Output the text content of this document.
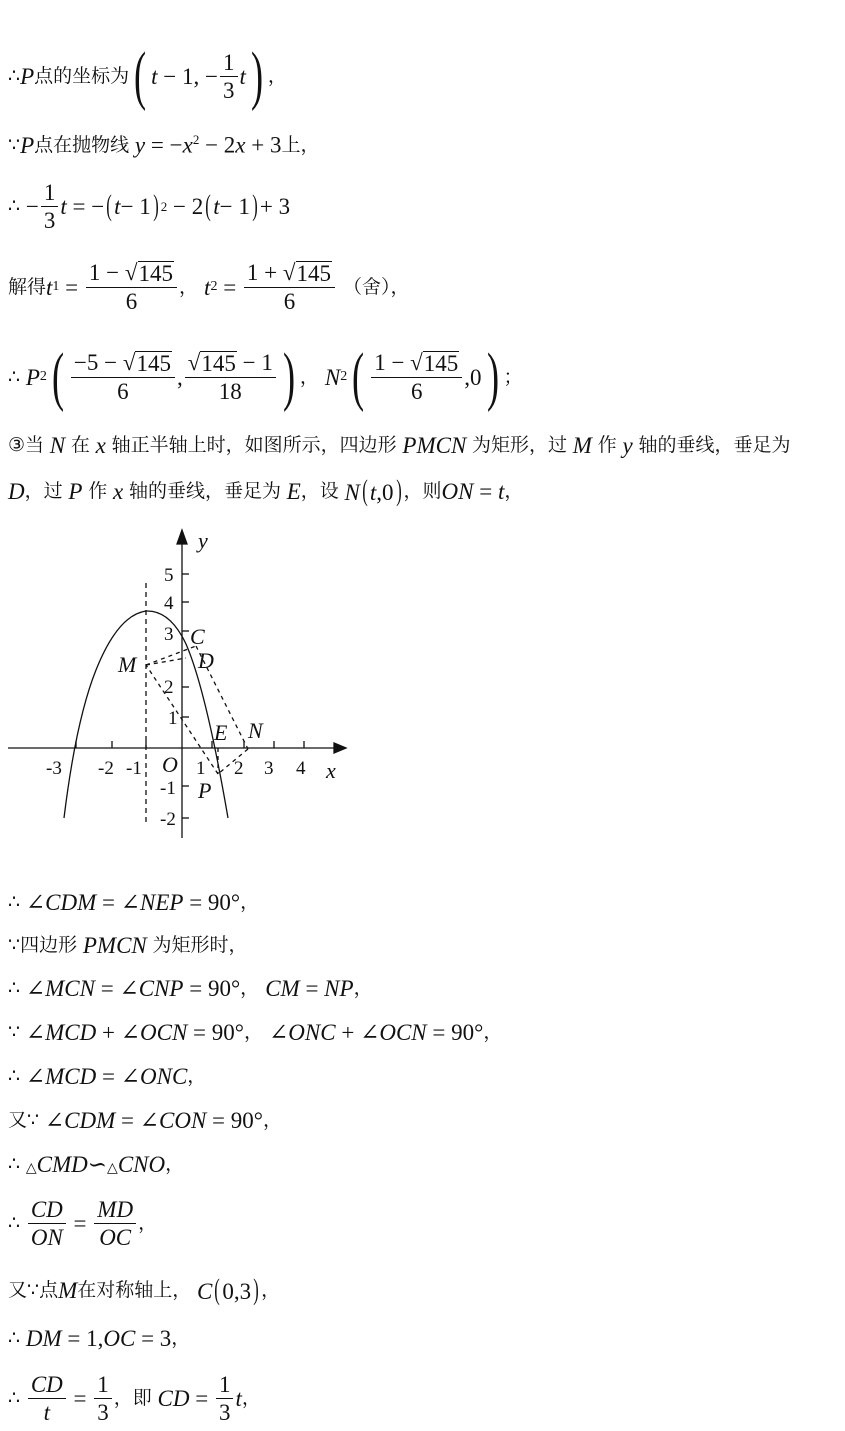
∴ P 点的坐标为 ( t − 1, − $\frac{1}{3}$ t ) ，
∵ P 点在抛物线 $y = -x^2 - 2x + 3$ 上，
∴ − $\frac{1}{3}$ t = − ( t − 1 ) 2 − 2 ( t − 1 ) + 3
解得 t $1 = \frac{1 - √ 145}{6}$ ， t $2 = \frac{1 + √ 145}{6}$ （舍），
∴ P 2 ( $\frac{-5 - √ 145}{6}$ , $\frac{√ 145 - 1}{18}$ ) ， N 2 ( $\frac{1 - √ 145}{6} ,0$ ) ；
③当 N 在 x 轴正半轴上时，如图所示，四边形 PMCN 为矩形，过 M 作 y 轴的垂线，垂足为
D ，过 P 作 x 轴的垂线，垂足为 E ，设 N(t,0) ，则 ON = t ，
-3 -2 -1	1 2 3 4
5
4
3
2
1
-1
-2
y
x
O
C
D
M
E N
P
∴ ∠CDM = ∠NEP = 90° ，
∵ 四边形 PMCN 为矩形时，
∴ ∠MCN = ∠CNP = 90° ， CM = NP ，
∵ ∠MCD + ∠OCN = 90° ， ∠ONC + ∠OCN = 90° ，
∴ ∠MCD = ∠ONC ，
又∵ ∠CDM = ∠CON = 90° ，
∴ △CMD∽△CNO ，
∴
$\frac{CD}{ON} = \frac{MD}{OC}$ ，
又∵点 M 在对称轴上， C(0,3) ，
∴ DM = 1,OC = 3 ，
∴
$\frac{CD}{t} = \frac{1}{3}$ ，即 CD = $\frac{1}{3}$ t ，
